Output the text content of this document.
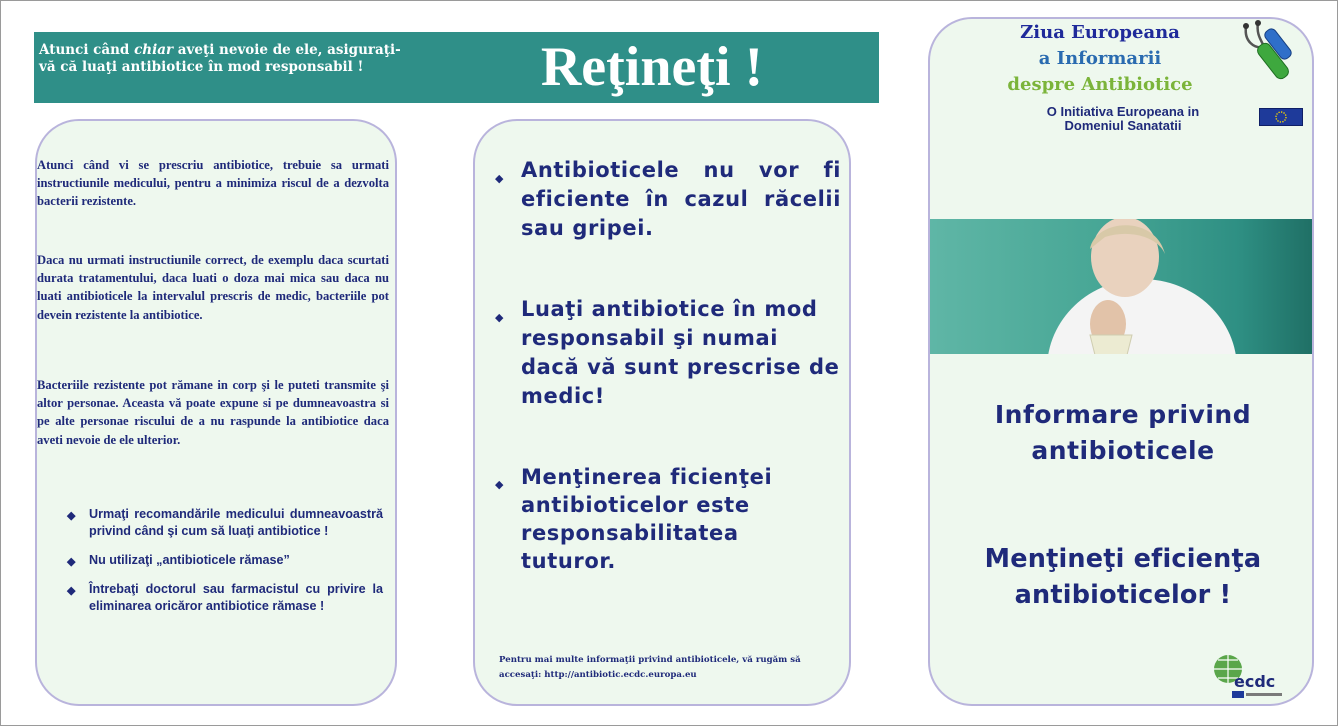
Atunci când chiar aveţi nevoie de ele, asiguraţi-vă că luaţi antibiotice în mod responsabil !	Reţineţi !
Atunci când vi se prescriu antibiotice, trebuie sa urmati instructiunile medicului, pentru a minimiza riscul de a dezvolta bacterii rezistente.
Daca nu urmati instructiunile correct, de exemplu daca scurtati durata tratamentului, daca luati o doza mai mica sau daca nu luati antibioticele la intervalul prescris de medic, bacteriile pot devein rezistente la antibiotice.
Bacteriile rezistente pot rămane in corp şi le puteti transmite şi altor personae. Aceasta vă poate expune si pe dumneavoastra si pe alte personae riscului de a nu raspunde la antibiotice daca aveti nevoie de ele ulterior.
◆ Urmaţi recomandările medicului dumneavoastră privind când şi cum să luaţi antibiotice !
◆ Nu utilizaţi „antibioticele rămase”
◆ Întrebaţi doctorul sau farmacistul cu privire la eliminarea oricăror antibiotice rămase !
◆ Antibioticele nu vor fi eficiente în cazul răcelii sau gripei.
◆ Luaţi antibiotice în mod responsabil şi numai dacă vă sunt prescrise de medic!
◆ Menţinerea ficienţei antibioticelor este responsabilitatea tuturor.
Pentru mai multe informaţii privind antibioticele, vă rugăm să accesaţi: http://antibiotic.ecdc.europa.eu
Ziua Europeana
a Informarii
despre Antibiotice
O Initiativa Europeana in
Domeniul Sanatatii
Informare privind
antibioticele
Menţineţi eficienţa
antibioticelor !
ecdc
